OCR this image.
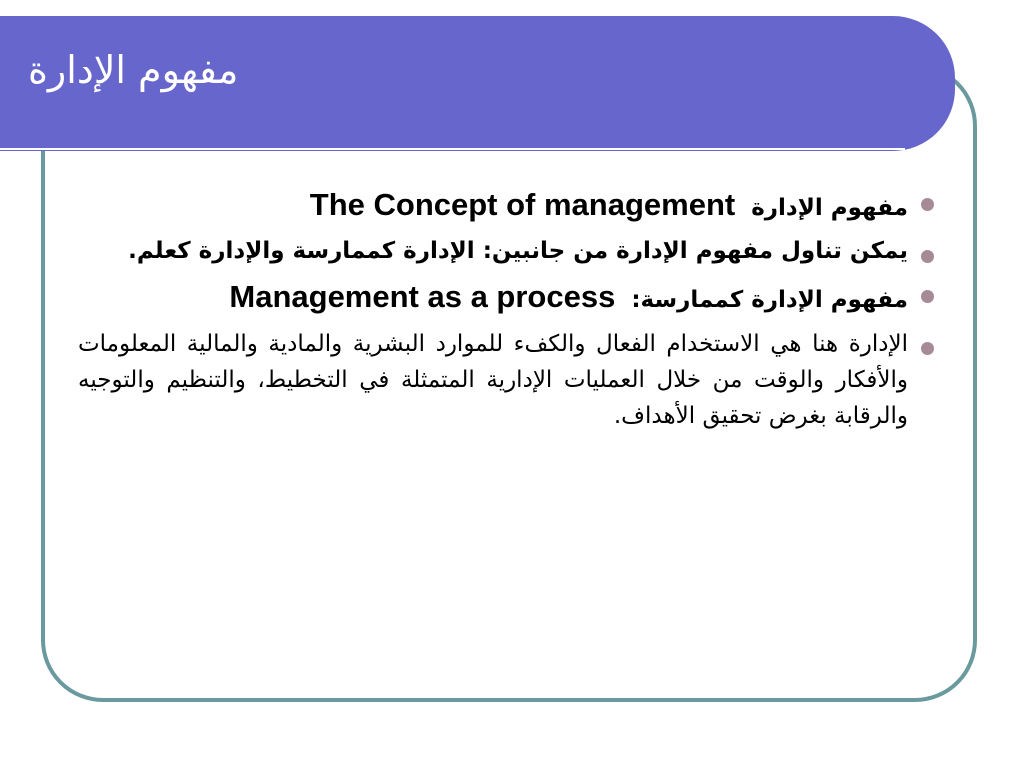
مفهوم الإدارة
مفهوم الإدارة  The Concept of management
يمكن تناول مفهوم الإدارة من جانبين: الإدارة كممارسة والإدارة كعلم.
مفهوم الإدارة كممارسة:  Management as a process
الإدارة هنا هي الاستخدام الفعال والكفء للموارد البشرية والمادية والمالية المعلومات والأفكار والوقت من خلال العمليات الإدارية المتمثلة في التخطيط، والتنظيم والتوجيه والرقابة بغرض تحقيق الأهداف.
